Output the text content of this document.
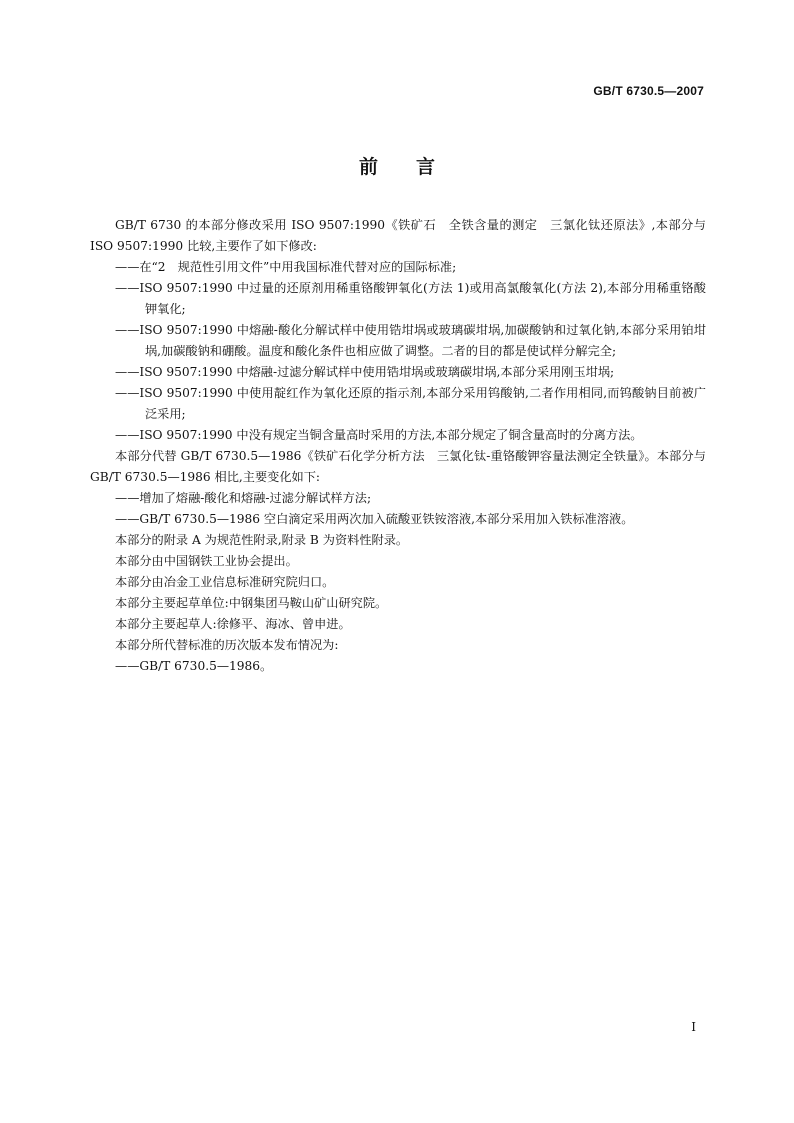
GB/T 6730.5—2007
前言

GB/T 6730 的本部分修改采用 ISO 9507:1990《铁矿石　全铁含量的测定　三氯化钛还原法》,本部分与 ISO 9507:1990 比较,主要作了如下修改:

——在“2　规范性引用文件”中用我国标准代替对应的国际标准;

——ISO 9507:1990 中过量的还原剂用稀重铬酸钾氧化(方法 1)或用高氯酸氧化(方法 2),本部分用稀重铬酸钾氧化;

——ISO 9507:1990 中熔融-酸化分解试样中使用锆坩埚或玻璃碳坩埚,加碳酸钠和过氧化钠,本部分采用铂坩埚,加碳酸钠和硼酸。温度和酸化条件也相应做了调整。二者的目的都是使试样分解完全;

——ISO 9507:1990 中熔融-过滤分解试样中使用锆坩埚或玻璃碳坩埚,本部分采用刚玉坩埚;

——ISO 9507:1990 中使用靛红作为氧化还原的指示剂,本部分采用钨酸钠,二者作用相同,而钨酸钠目前被广泛采用;

——ISO 9507:1990 中没有规定当铜含量高时采用的方法,本部分规定了铜含量高时的分离方法。

本部分代替 GB/T 6730.5—1986《铁矿石化学分析方法　三氯化钛-重铬酸钾容量法测定全铁量》。本部分与 GB/T 6730.5—1986 相比,主要变化如下:

——增加了熔融-酸化和熔融-过滤分解试样方法;

——GB/T 6730.5—1986 空白滴定采用两次加入硫酸亚铁铵溶液,本部分采用加入铁标准溶液。

本部分的附录 A 为规范性附录,附录 B 为资料性附录。

本部分由中国钢铁工业协会提出。

本部分由冶金工业信息标准研究院归口。

本部分主要起草单位:中钢集团马鞍山矿山研究院。

本部分主要起草人:徐修平、海冰、曾申进。

本部分所代替标准的历次版本发布情况为:

——GB/T 6730.5—1986。

I
